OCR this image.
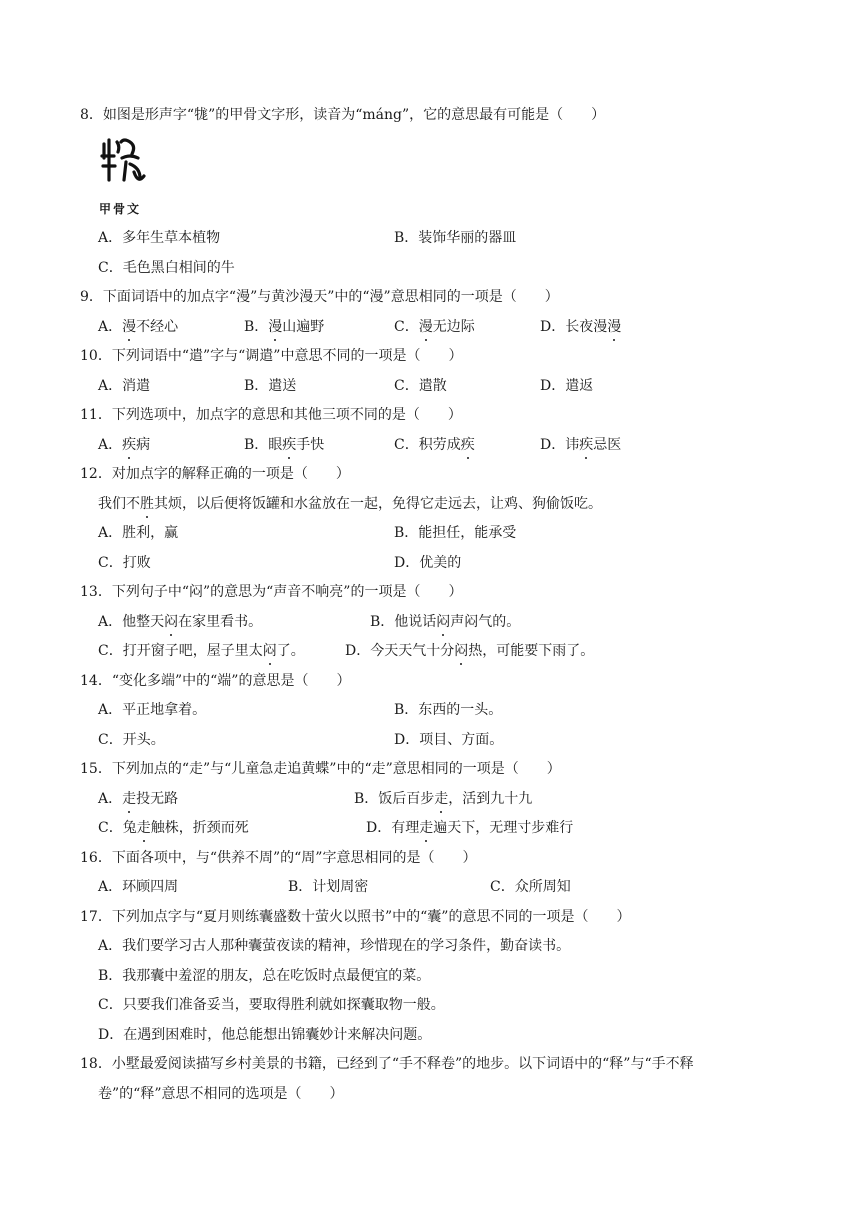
8．如图是形声字“牻”的甲骨文字形，读音为“máng”，它的意思最有可能是（　　）
甲骨文
A．多年生草本植物	B．装饰华丽的器皿
C．毛色黑白相间的牛
9．下面词语中的加点字“漫”与黄沙漫天”中的“漫”意思相同的一项是（　　）
A．漫不经心	B．漫山遍野	C．漫无边际	D．长夜漫漫
10．下列词语中“遣”字与“调遣”中意思不同的一项是（　　）
A．消遣	B．遣送	C．遣散	D．遣返
11．下列选项中，加点字的意思和其他三项不同的是（　　）
A．疾病	B．眼疾手快	C．积劳成疾	D．讳疾忌医
12．对加点字的解释正确的一项是（　　）
我们不胜其烦，以后便将饭罐和水盆放在一起，免得它走远去，让鸡、狗偷饭吃。
A．胜利，赢	B．能担任，能承受
C．打败	D．优美的
13．下列句子中“闷”的意思为“声音不响亮”的一项是（　　）
A．他整天闷在家里看书。	B．他说话闷声闷气的。
C．打开窗子吧，屋子里太闷了。	D．今天天气十分闷热，可能要下雨了。
14．“变化多端”中的“端”的意思是（　　）
A．平正地拿着。	B．东西的一头。
C．开头。	D．项目、方面。
15．下列加点的“走”与“儿童急走追黄蝶”中的“走”意思相同的一项是（　　）
A．走投无路	B．饭后百步走，活到九十九
C．兔走触株，折颈而死	D．有理走遍天下，无理寸步难行
16．下面各项中，与“供养不周”的“周”字意思相同的是（　　）
A．环顾四周	B．计划周密	C．众所周知
17．下列加点字与“夏月则练囊盛数十萤火以照书”中的“囊”的意思不同的一项是（　　）
A．我们要学习古人那种囊萤夜读的精神，珍惜现在的学习条件，勤奋读书。
B．我那囊中羞涩的朋友，总在吃饭时点最便宜的菜。
C．只要我们准备妥当，要取得胜利就如探囊取物一般。
D．在遇到困难时，他总能想出锦囊妙计来解决问题。
18．小墅最爱阅读描写乡村美景的书籍，已经到了“手不释卷”的地步。以下词语中的“释”与“手不释
卷”的“释”意思不相同的选项是（　　）
